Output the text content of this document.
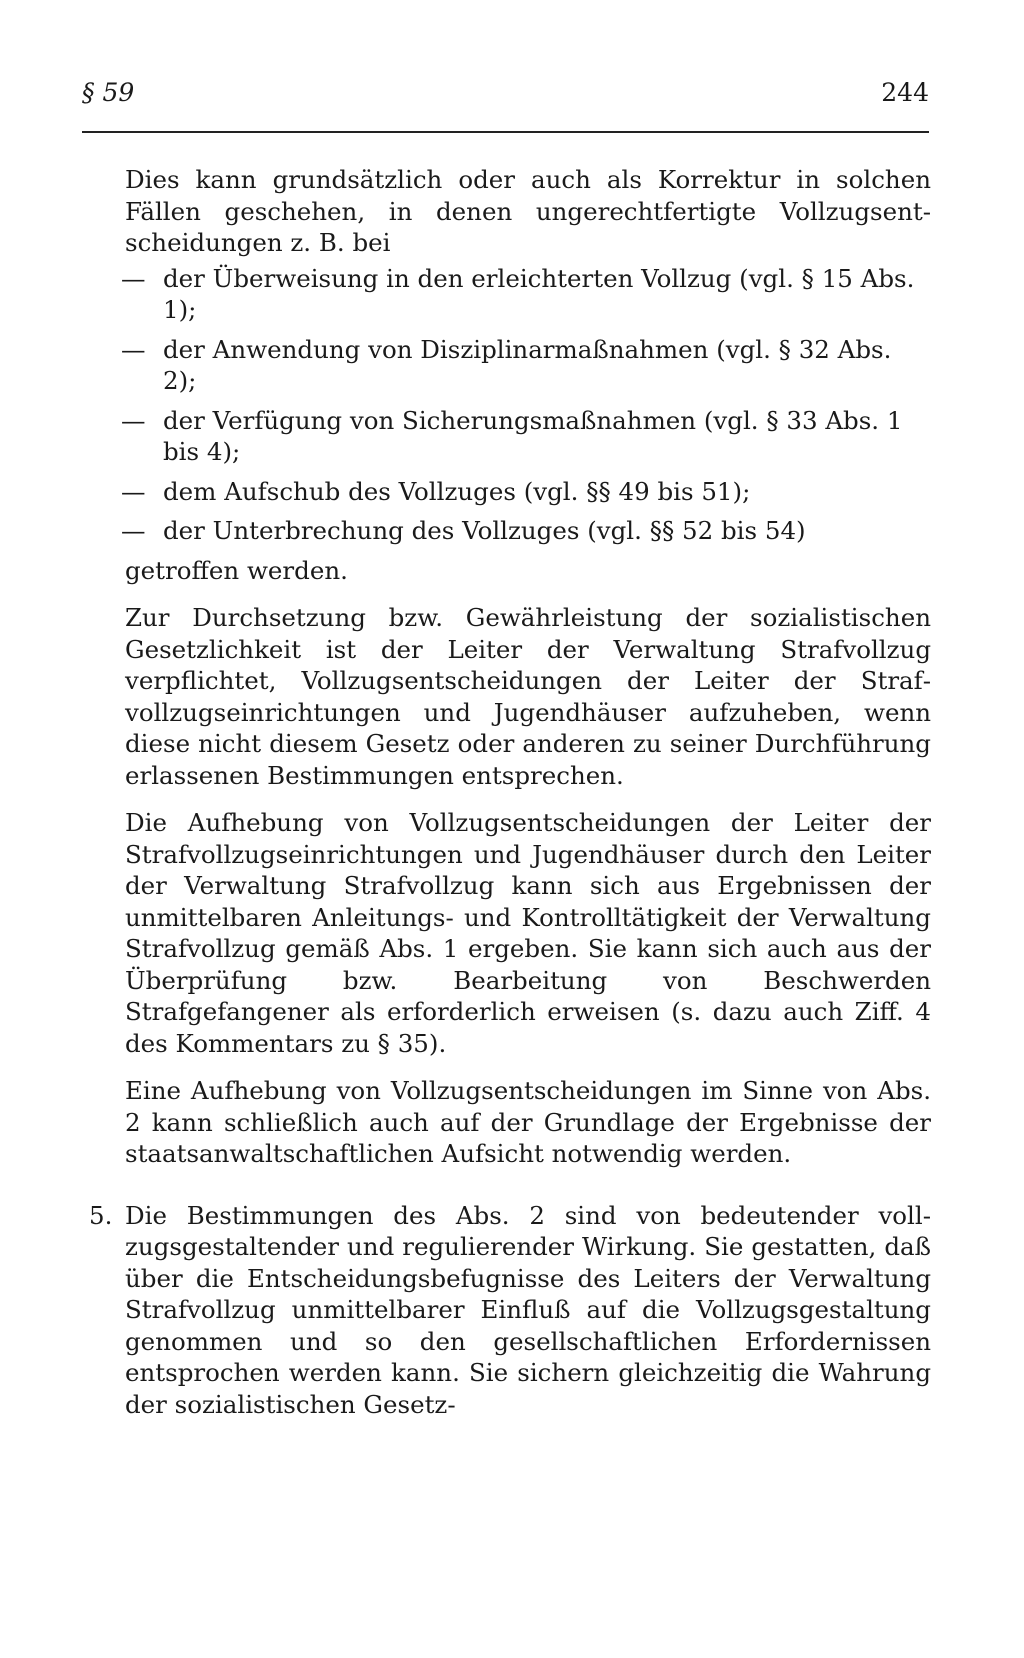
§ 59	244

Dies kann grundsätzlich oder auch als Korrektur in solchen Fällen geschehen, in denen ungerechtfertigte Vollzugsentscheidungen z. B. bei

— der Überweisung in den erleichterten Vollzug (vgl. § 15 Abs. 1);
— der Anwendung von Disziplinarmaßnahmen (vgl. § 32 Abs. 2);
— der Verfügung von Sicherungsmaßnahmen (vgl. § 33 Abs. 1 bis 4);
— dem Aufschub des Vollzuges (vgl. §§ 49 bis 51);
— der Unterbrechung des Vollzuges (vgl. §§ 52 bis 54)

getroffen werden.

Zur Durchsetzung bzw. Gewährleistung der sozialistischen Gesetzlichkeit ist der Leiter der Verwaltung Strafvollzug verpflichtet, Vollzugsentscheidungen der Leiter der Strafvollzugseinrichtungen und Jugendhäuser aufzuheben, wenn diese nicht diesem Gesetz oder anderen zu seiner Durchführung erlassenen Bestimmungen entsprechen.

Die Aufhebung von Vollzugsentscheidungen der Leiter der Strafvollzugseinrichtungen und Jugendhäuser durch den Leiter der Verwaltung Strafvollzug kann sich aus Ergebnissen der unmittelbaren Anleitungs- und Kontrolltätigkeit der Verwaltung Strafvollzug gemäß Abs. 1 ergeben. Sie kann sich auch aus der Überprüfung bzw. Bearbeitung von Beschwerden Strafgefangener als erforderlich erweisen (s. dazu auch Ziff. 4 des Kommentars zu § 35).

Eine Aufhebung von Vollzugsentscheidungen im Sinne von Abs. 2 kann schließlich auch auf der Grundlage der Ergebnisse der staatsanwaltschaftlichen Aufsicht notwendig werden.

5. Die Bestimmungen des Abs. 2 sind von bedeutender vollzugsgestaltender und regulierender Wirkung. Sie gestatten, daß über die Entscheidungsbefugnisse des Leiters der Verwaltung Strafvollzug unmittelbarer Einfluß auf die Vollzugsgestaltung genommen und so den gesellschaftlichen Erfordernissen entsprochen werden kann. Sie sichern gleichzeitig die Wahrung der sozialistischen Gesetz-
